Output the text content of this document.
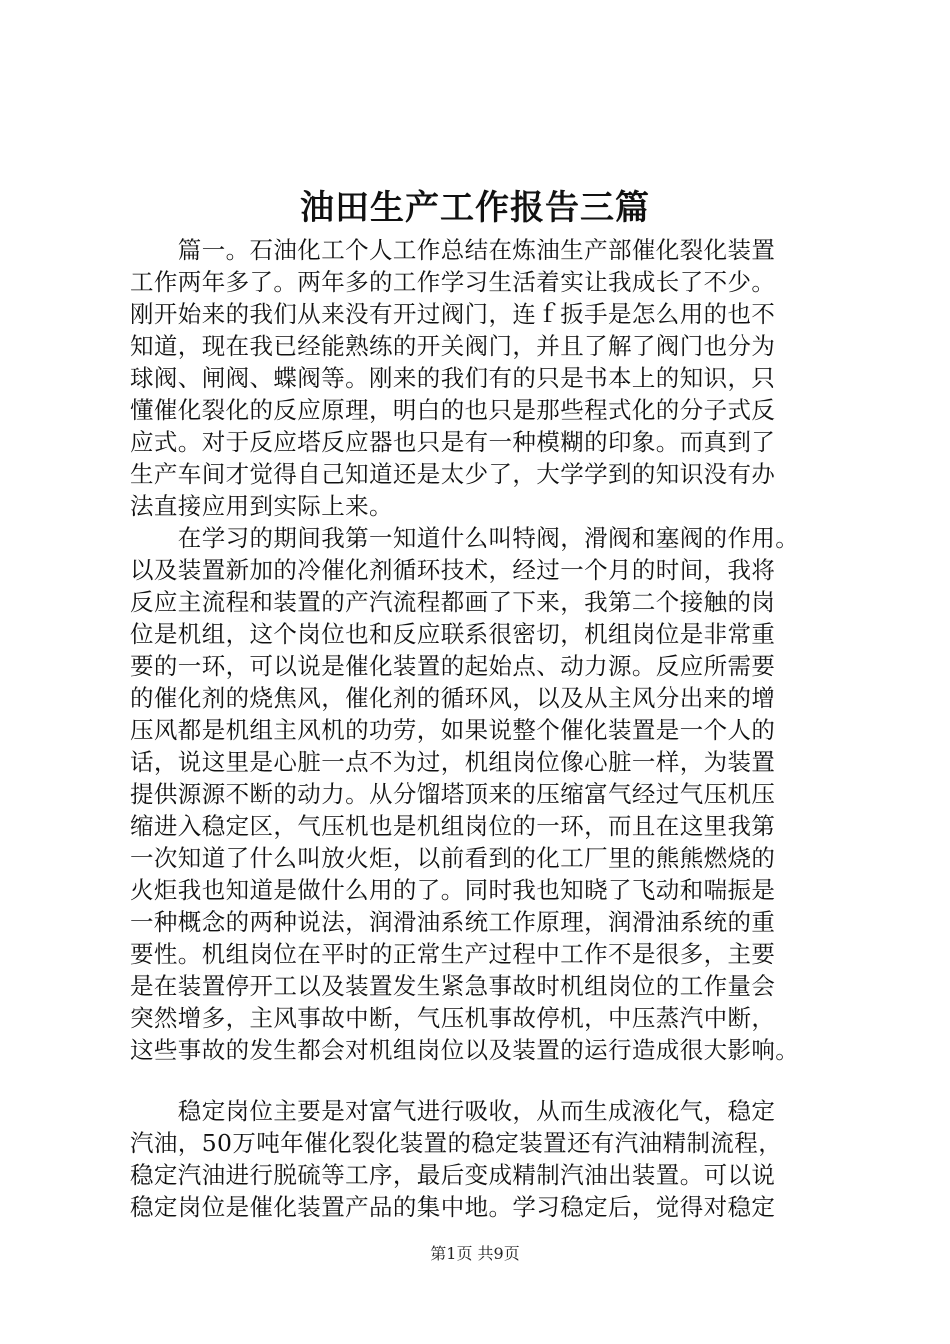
油田生产工作报告三篇
　　篇一。石油化工个人工作总结在炼油生产部催化裂化装置
工作两年多了。两年多的工作学习生活着实让我成长了不少。
刚开始来的我们从来没有开过阀门，连ｆ扳手是怎么用的也不
知道，现在我已经能熟练的开关阀门，并且了解了阀门也分为
球阀、闸阀、蝶阀等。刚来的我们有的只是书本上的知识，只
懂催化裂化的反应原理，明白的也只是那些程式化的分子式反
应式。对于反应塔反应器也只是有一种模糊的印象。而真到了
生产车间才觉得自己知道还是太少了，大学学到的知识没有办
法直接应用到实际上来。
　　在学习的期间我第一知道什么叫特阀，滑阀和塞阀的作用。
以及装置新加的冷催化剂循环技术，经过一个月的时间，我将
反应主流程和装置的产汽流程都画了下来，我第二个接触的岗
位是机组，这个岗位也和反应联系很密切，机组岗位是非常重
要的一环，可以说是催化装置的起始点、动力源。反应所需要
的催化剂的烧焦风，催化剂的循环风，以及从主风分出来的增
压风都是机组主风机的功劳，如果说整个催化装置是一个人的
话，说这里是心脏一点不为过，机组岗位像心脏一样，为装置
提供源源不断的动力。从分馏塔顶来的压缩富气经过气压机压
缩进入稳定区，气压机也是机组岗位的一环，而且在这里我第
一次知道了什么叫放火炬，以前看到的化工厂里的熊熊燃烧的
火炬我也知道是做什么用的了。同时我也知晓了飞动和喘振是
一种概念的两种说法，润滑油系统工作原理，润滑油系统的重
要性。机组岗位在平时的正常生产过程中工作不是很多，主要
是在装置停开工以及装置发生紧急事故时机组岗位的工作量会
突然增多，主风事故中断，气压机事故停机，中压蒸汽中断，
这些事故的发生都会对机组岗位以及装置的运行造成很大影响。
　　稳定岗位主要是对富气进行吸收，从而生成液化气，稳定
汽油，50万吨年催化裂化装置的稳定装置还有汽油精制流程，
稳定汽油进行脱硫等工序，最后变成精制汽油出装置。可以说
稳定岗位是催化装置产品的集中地。学习稳定后，觉得对稳定
第1页 共9页
